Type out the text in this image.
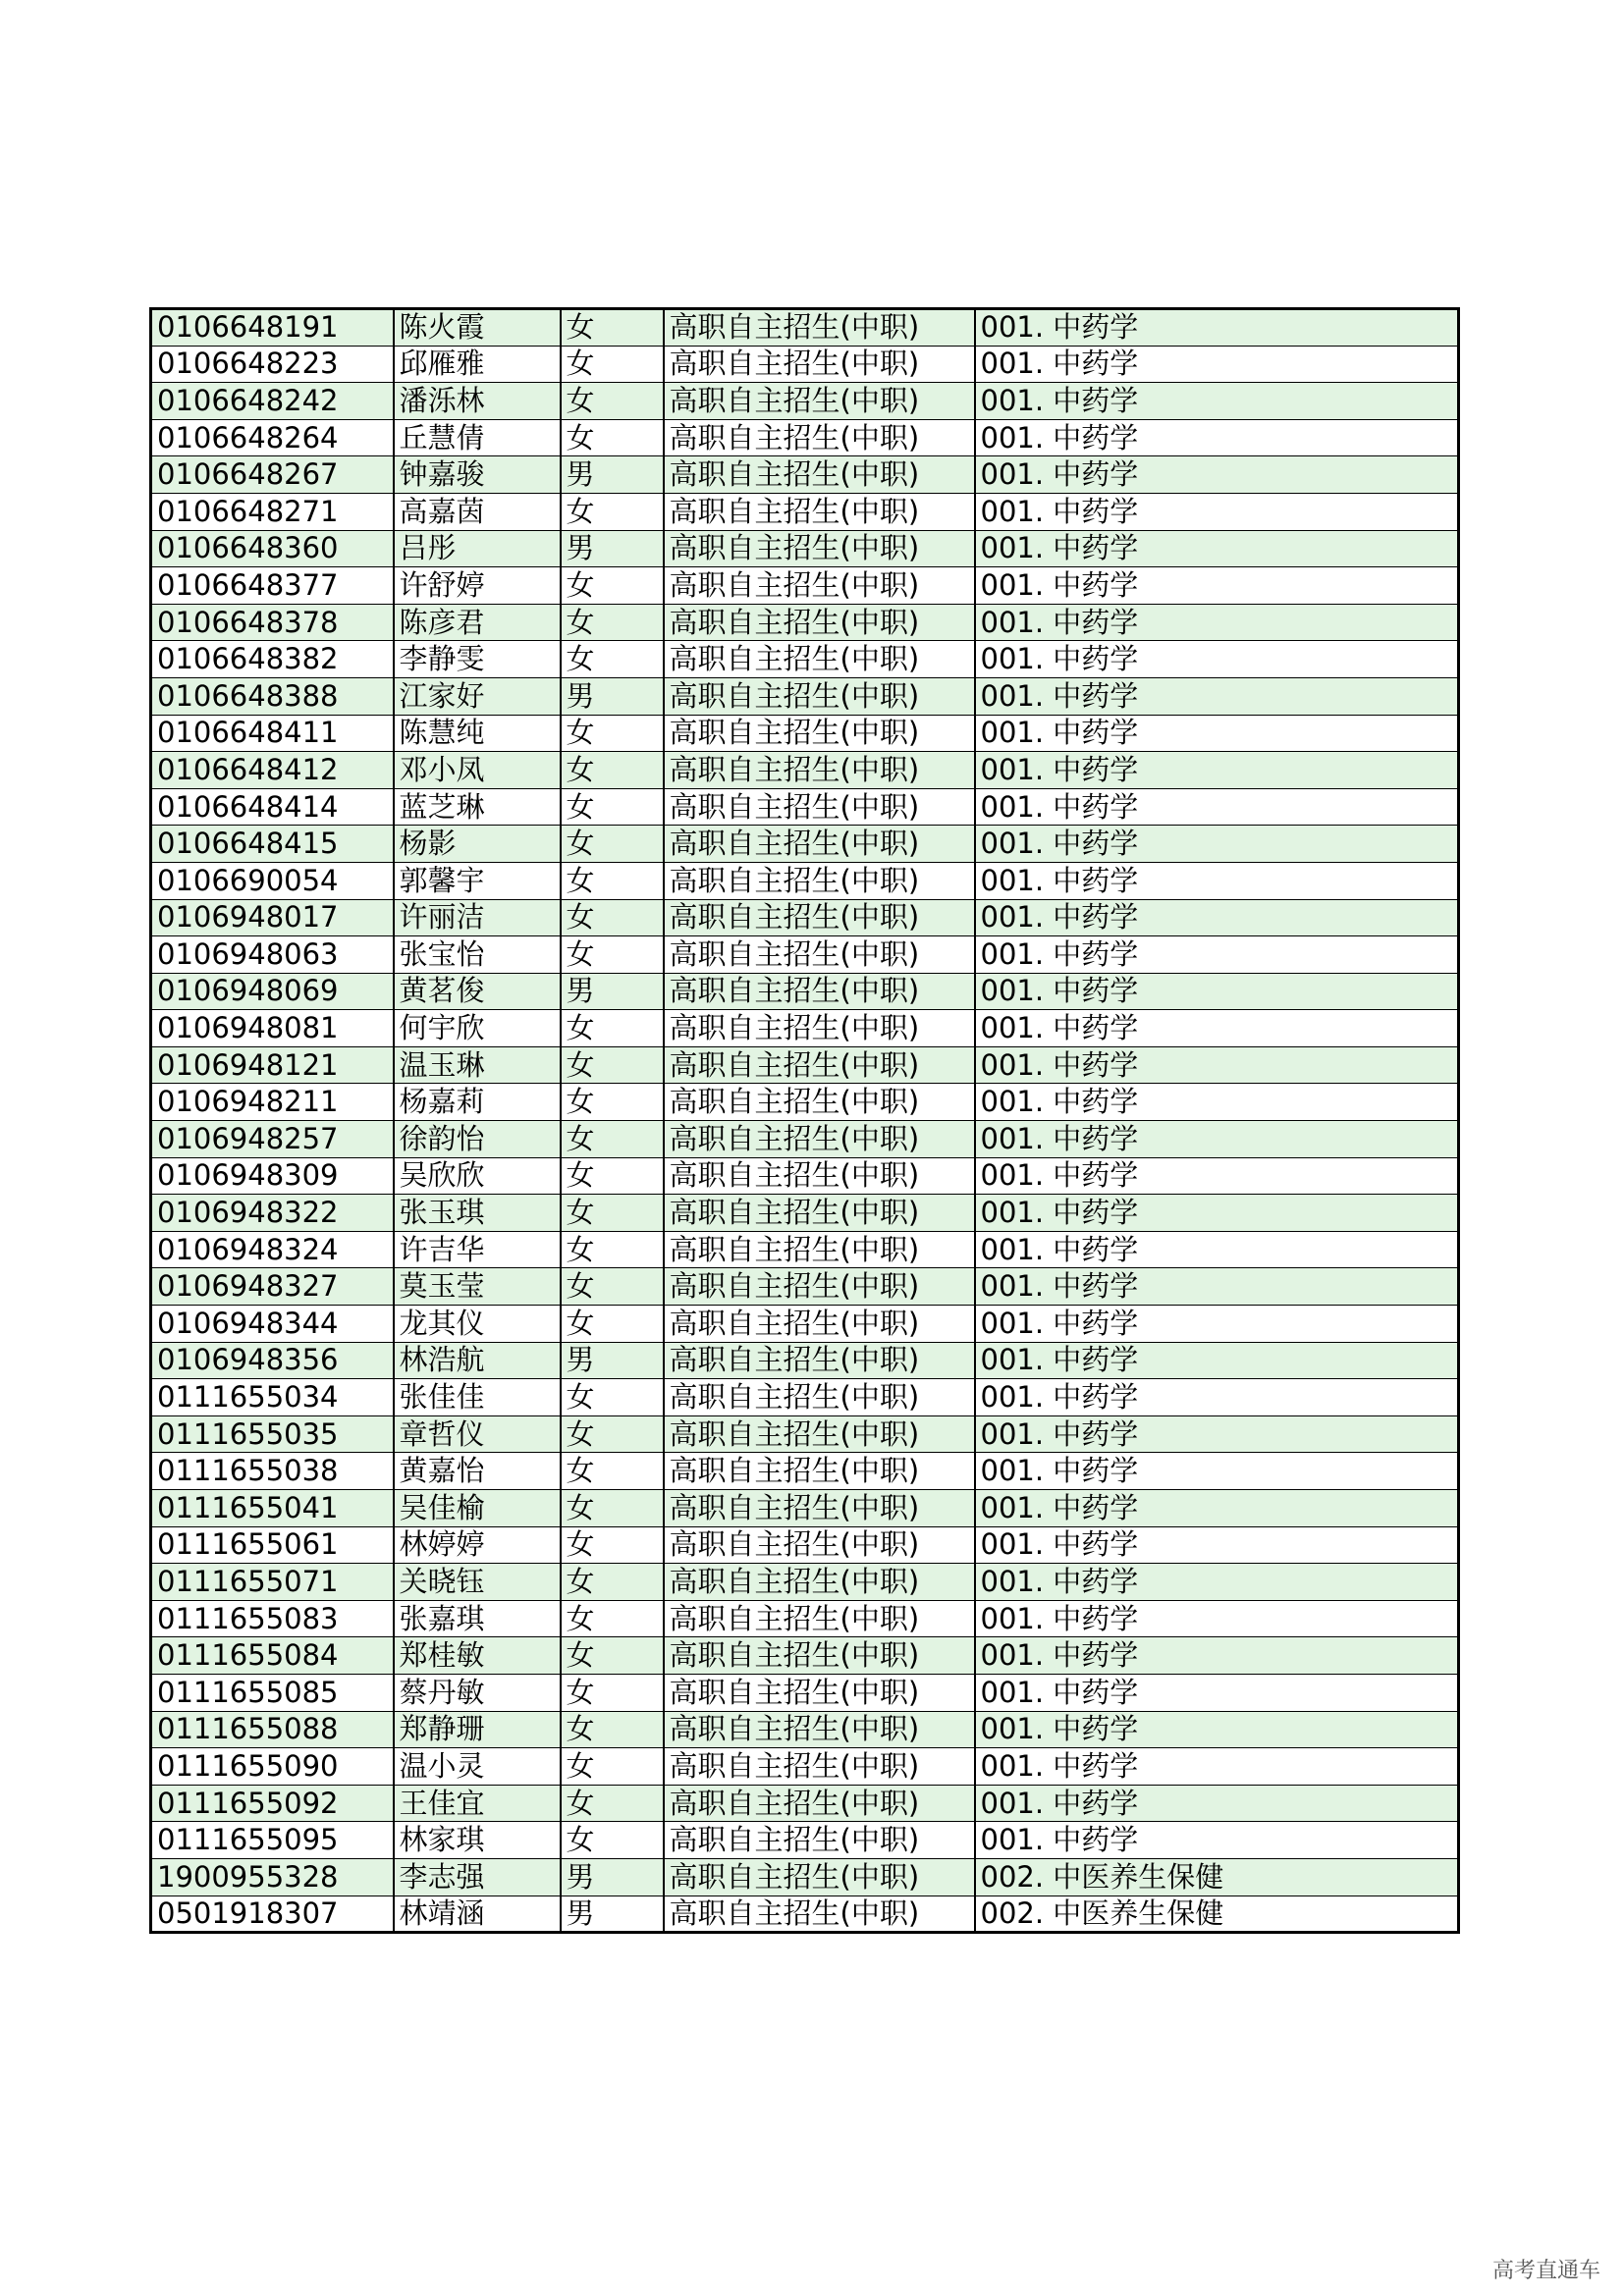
0106648191	陈火霞	女	高职自主招生(中职)	001. 中药学
0106648223	邱雁雅	女	高职自主招生(中职)	001. 中药学
0106648242	潘泺林	女	高职自主招生(中职)	001. 中药学
0106648264	丘慧倩	女	高职自主招生(中职)	001. 中药学
0106648267	钟嘉骏	男	高职自主招生(中职)	001. 中药学
0106648271	高嘉茵	女	高职自主招生(中职)	001. 中药学
0106648360	吕彤	男	高职自主招生(中职)	001. 中药学
0106648377	许舒婷	女	高职自主招生(中职)	001. 中药学
0106648378	陈彦君	女	高职自主招生(中职)	001. 中药学
0106648382	李静雯	女	高职自主招生(中职)	001. 中药学
0106648388	江家好	男	高职自主招生(中职)	001. 中药学
0106648411	陈慧纯	女	高职自主招生(中职)	001. 中药学
0106648412	邓小凤	女	高职自主招生(中职)	001. 中药学
0106648414	蓝芝琳	女	高职自主招生(中职)	001. 中药学
0106648415	杨影	女	高职自主招生(中职)	001. 中药学
0106690054	郭馨宇	女	高职自主招生(中职)	001. 中药学
0106948017	许丽洁	女	高职自主招生(中职)	001. 中药学
0106948063	张宝怡	女	高职自主招生(中职)	001. 中药学
0106948069	黄茗俊	男	高职自主招生(中职)	001. 中药学
0106948081	何宇欣	女	高职自主招生(中职)	001. 中药学
0106948121	温玉琳	女	高职自主招生(中职)	001. 中药学
0106948211	杨嘉莉	女	高职自主招生(中职)	001. 中药学
0106948257	徐韵怡	女	高职自主招生(中职)	001. 中药学
0106948309	吴欣欣	女	高职自主招生(中职)	001. 中药学
0106948322	张玉琪	女	高职自主招生(中职)	001. 中药学
0106948324	许吉华	女	高职自主招生(中职)	001. 中药学
0106948327	莫玉莹	女	高职自主招生(中职)	001. 中药学
0106948344	龙其仪	女	高职自主招生(中职)	001. 中药学
0106948356	林浩航	男	高职自主招生(中职)	001. 中药学
0111655034	张佳佳	女	高职自主招生(中职)	001. 中药学
0111655035	章哲仪	女	高职自主招生(中职)	001. 中药学
0111655038	黄嘉怡	女	高职自主招生(中职)	001. 中药学
0111655041	吴佳榆	女	高职自主招生(中职)	001. 中药学
0111655061	林婷婷	女	高职自主招生(中职)	001. 中药学
0111655071	关晓钰	女	高职自主招生(中职)	001. 中药学
0111655083	张嘉琪	女	高职自主招生(中职)	001. 中药学
0111655084	郑桂敏	女	高职自主招生(中职)	001. 中药学
0111655085	蔡丹敏	女	高职自主招生(中职)	001. 中药学
0111655088	郑静珊	女	高职自主招生(中职)	001. 中药学
0111655090	温小灵	女	高职自主招生(中职)	001. 中药学
0111655092	王佳宜	女	高职自主招生(中职)	001. 中药学
0111655095	林家琪	女	高职自主招生(中职)	001. 中药学
1900955328	李志强	男	高职自主招生(中职)	002. 中医养生保健
0501918307	林靖涵	男	高职自主招生(中职)	002. 中医养生保健
高考直通车
